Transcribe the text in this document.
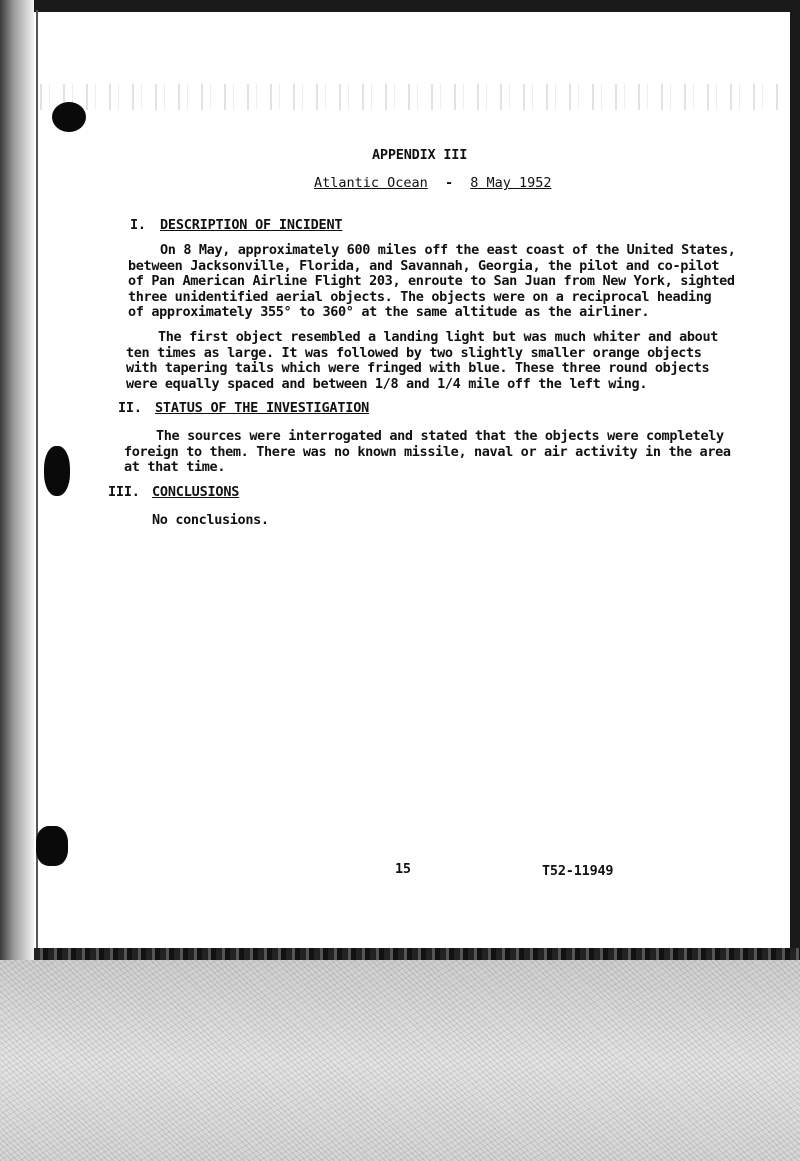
APPENDIX III
Atlantic Ocean - 8 May 1952
I. DESCRIPTION OF INCIDENT
On 8 May, approximately 600 miles off the east coast of the United States,
between Jacksonville, Florida, and Savannah, Georgia, the pilot and co-pilot
of Pan American Airline Flight 203, enroute to San Juan from New York, sighted
three unidentified aerial objects. The objects were on a reciprocal heading
of approximately 355° to 360° at the same altitude as the airliner.
The first object resembled a landing light but was much whiter and about
ten times as large. It was followed by two slightly smaller orange objects
with tapering tails which were fringed with blue. These three round objects
were equally spaced and between 1/8 and 1/4 mile off the left wing.
II. STATUS OF THE INVESTIGATION
The sources were interrogated and stated that the objects were completely
foreign to them. There was no known missile, naval or air activity in the area
at that time.
III. CONCLUSIONS
No conclusions.
15	T52-11949
